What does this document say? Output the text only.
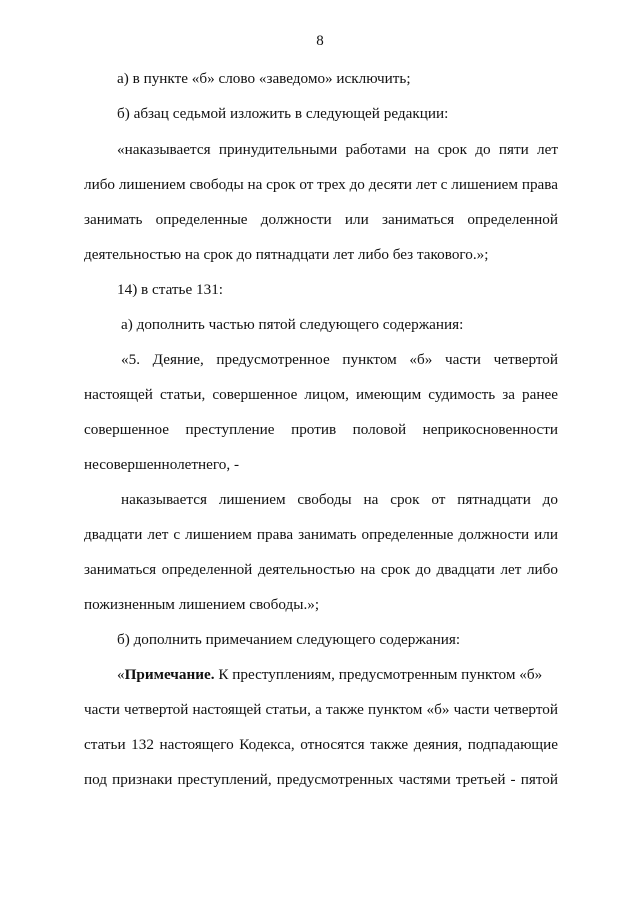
8
а) в пункте «б» слово «заведомо» исключить;
б) абзац седьмой изложить в следующей редакции:
«наказывается принудительными работами на срок до пяти лет
либо лишением свободы на срок от трех до десяти лет с лишением права
занимать определенные должности или заниматься определенной
деятельностью на срок до пятнадцати лет либо без такового.»;
14) в статье 131:
а) дополнить частью пятой следующего содержания:
«5. Деяние, предусмотренное пунктом «б» части четвертой
настоящей статьи, совершенное лицом, имеющим судимость за ранее
совершенное преступление против половой неприкосновенности
несовершеннолетнего, -
наказывается лишением свободы на срок от пятнадцати до
двадцати лет с лишением права занимать определенные должности или
заниматься определенной деятельностью на срок до двадцати лет либо
пожизненным лишением свободы.»;
б) дополнить примечанием следующего содержания:
«Примечание. К преступлениям, предусмотренным пунктом «б»
части четвертой настоящей статьи, а также пунктом «б» части четвертой
статьи 132 настоящего Кодекса, относятся также деяния, подпадающие
под признаки преступлений, предусмотренных частями третьей - пятой
